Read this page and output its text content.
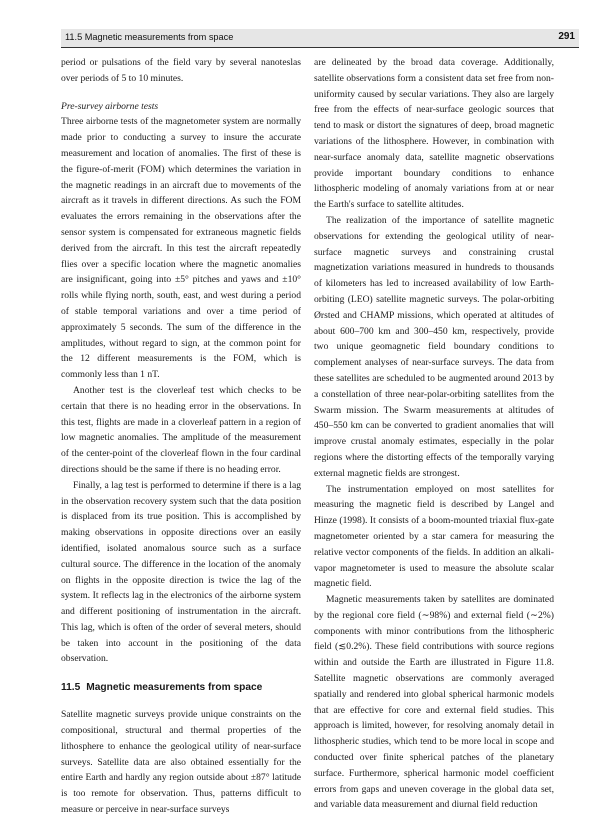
11.5 Magnetic measurements from space	291

period or pulsations of the field vary by several nanoteslas over periods of 5 to 10 minutes.

Pre-survey airborne tests

Three airborne tests of the magnetometer system are normally made prior to conducting a survey to insure the accurate measurement and location of anomalies. The first of these is the figure-of-merit (FOM) which determines the variation in the magnetic readings in an aircraft due to movements of the aircraft as it travels in different directions. As such the FOM evaluates the errors remaining in the observations after the sensor system is compensated for extraneous magnetic fields derived from the aircraft. In this test the aircraft repeatedly flies over a specific location where the magnetic anomalies are insignificant, going into ±5° pitches and yaws and ±10° rolls while flying north, south, east, and west during a period of stable temporal variations and over a time period of approximately 5 seconds. The sum of the difference in the amplitudes, without regard to sign, at the common point for the 12 different measurements is the FOM, which is commonly less than 1 nT.

Another test is the cloverleaf test which checks to be certain that there is no heading error in the observations. In this test, flights are made in a cloverleaf pattern in a region of low magnetic anomalies. The amplitude of the measurement of the center-point of the cloverleaf flown in the four cardinal directions should be the same if there is no heading error.

Finally, a lag test is performed to determine if there is a lag in the observation recovery system such that the data position is displaced from its true position. This is accomplished by making observations in opposite directions over an easily identified, isolated anomalous source such as a surface cultural source. The difference in the location of the anomaly on flights in the opposite direction is twice the lag of the system. It reflects lag in the electronics of the airborne system and different positioning of instrumentation in the aircraft. This lag, which is often of the order of several meters, should be taken into account in the positioning of the data observation.

11.5 Magnetic measurements from space

Satellite magnetic surveys provide unique constraints on the compositional, structural and thermal properties of the lithosphere to enhance the geological utility of near-surface surveys. Satellite data are also obtained essentially for the entire Earth and hardly any region outside about ±87° latitude is too remote for observation. Thus, patterns difficult to measure or perceive in near-surface surveys

are delineated by the broad data coverage. Additionally, satellite observations form a consistent data set free from non-uniformity caused by secular variations. They also are largely free from the effects of near-surface geologic sources that tend to mask or distort the signatures of deep, broad magnetic variations of the lithosphere. However, in combination with near-surface anomaly data, satellite magnetic observations provide important boundary conditions to enhance lithospheric modeling of anomaly variations from at or near the Earth's surface to satellite altitudes.

The realization of the importance of satellite magnetic observations for extending the geological utility of near-surface magnetic surveys and constraining crustal magnetization variations measured in hundreds to thousands of kilometers has led to increased availability of low Earth-orbiting (LEO) satellite magnetic surveys. The polar-orbiting Ørsted and CHAMP missions, which operated at altitudes of about 600–700 km and 300–450 km, respectively, provide two unique geomagnetic field boundary conditions to complement analyses of near-surface surveys. The data from these satellites are scheduled to be augmented around 2013 by a constellation of three near-polar-orbiting satellites from the Swarm mission. The Swarm measurements at altitudes of 450–550 km can be converted to gradient anomalies that will improve crustal anomaly estimates, especially in the polar regions where the distorting effects of the temporally varying external magnetic fields are strongest.

The instrumentation employed on most satellites for measuring the magnetic field is described by Langel and Hinze (1998). It consists of a boom-mounted triaxial flux-gate magnetometer oriented by a star camera for measuring the relative vector components of the fields. In addition an alkali-vapor magnetometer is used to measure the absolute scalar magnetic field.

Magnetic measurements taken by satellites are dominated by the regional core field (∼98%) and external field (∼2%) components with minor contributions from the lithospheric field (≲0.2%). These field contributions with source regions within and outside the Earth are illustrated in Figure 11.8. Satellite magnetic observations are commonly averaged spatially and rendered into global spherical harmonic models that are effective for core and external field studies. This approach is limited, however, for resolving anomaly detail in lithospheric studies, which tend to be more local in scope and conducted over finite spherical patches of the planetary surface. Furthermore, spherical harmonic model coefficient errors from gaps and uneven coverage in the global data set, and variable data measurement and diurnal field reduction
